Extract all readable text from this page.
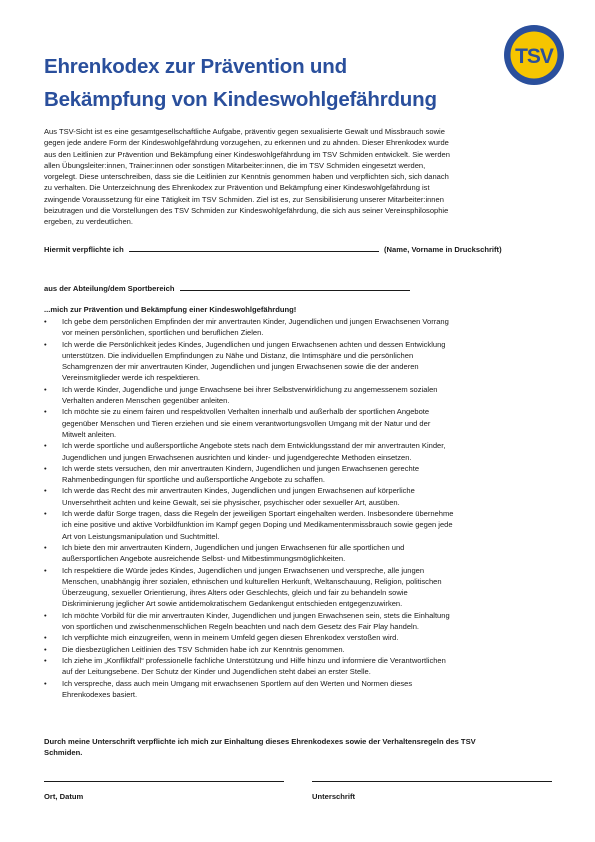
Ehrenkodex zur Prävention und
Bekämpfung von Kindeswohlgefährdung
TSV
Aus TSV-Sicht ist es eine gesamtgesellschaftliche Aufgabe, präventiv gegen sexualisierte Gewalt und Missbrauch sowie
gegen jede andere Form der Kindeswohlgefährdung vorzugehen, zu erkennen und zu ahnden. Dieser Ehrenkodex wurde
aus den Leitlinien zur Prävention und Bekämpfung einer Kindeswohlgefährdung im TSV Schmiden entwickelt. Sie werden
allen Übungsleiter:innen, Trainer:innen oder sonstigen Mitarbeiter:innen, die im TSV Schmiden eingesetzt werden,
vorgelegt. Diese unterschreiben, dass sie die Leitlinien zur Kenntnis genommen haben und verpflichten sich, sich danach
zu verhalten. Die Unterzeichnung des Ehrenkodex zur Prävention und Bekämpfung einer Kindeswohlgefährdung ist
zwingende Voraussetzung für eine Tätigkeit im TSV Schmiden. Ziel ist es, zur Sensibilisierung unserer Mitarbeiter:innen
beizutragen und die Vorstellungen des TSV Schmiden zur Kindeswohlgefährdung, die sich aus seiner Vereinsphilosophie
ergeben, zu verdeutlichen.
Hiermit verpflichte ich	(Name, Vorname in Druckschrift)
aus der Abteilung/dem Sportbereich
...mich zur Prävention und Bekämpfung einer Kindeswohlgefährdung!
• Ich gebe dem persönlichen Empfinden der mir anvertrauten Kinder, Jugendlichen und jungen Erwachsenen Vorrang
vor meinen persönlichen, sportlichen und beruflichen Zielen.
• Ich werde die Persönlichkeit jedes Kindes, Jugendlichen und jungen Erwachsenen achten und dessen Entwicklung
unterstützen. Die individuellen Empfindungen zu Nähe und Distanz, die Intimsphäre und die persönlichen
Schamgrenzen der mir anvertrauten Kinder, Jugendlichen und jungen Erwachsenen sowie die der anderen
Vereinsmitglieder werde ich respektieren.
• Ich werde Kinder, Jugendliche und junge Erwachsene bei ihrer Selbstverwirklichung zu angemessenem sozialen
Verhalten anderen Menschen gegenüber anleiten.
• Ich möchte sie zu einem fairen und respektvollen Verhalten innerhalb und außerhalb der sportlichen Angebote
gegenüber Menschen und Tieren erziehen und sie einem verantwortungsvollen Umgang mit der Natur und der
Mitwelt anleiten.
• Ich werde sportliche und außersportliche Angebote stets nach dem Entwicklungsstand der mir anvertrauten Kinder,
Jugendlichen und jungen Erwachsenen ausrichten und kinder- und jugendgerechte Methoden einsetzen.
• Ich werde stets versuchen, den mir anvertrauten Kindern, Jugendlichen und jungen Erwachsenen gerechte
Rahmenbedingungen für sportliche und außersportliche Angebote zu schaffen.
• Ich werde das Recht des mir anvertrauten Kindes, Jugendlichen und jungen Erwachsenen auf körperliche
Unversehrtheit achten und keine Gewalt, sei sie physischer, psychischer oder sexueller Art, ausüben.
• Ich werde dafür Sorge tragen, dass die Regeln der jeweiligen Sportart eingehalten werden. Insbesondere übernehme
ich eine positive und aktive Vorbildfunktion im Kampf gegen Doping und Medikamentenmissbrauch sowie gegen jede
Art von Leistungsmanipulation und Suchtmittel.
• Ich biete den mir anvertrauten Kindern, Jugendlichen und jungen Erwachsenen für alle sportlichen und
außersportlichen Angebote ausreichende Selbst- und Mitbestimmungsmöglichkeiten.
• Ich respektiere die Würde jedes Kindes, Jugendlichen und jungen Erwachsenen und verspreche, alle jungen
Menschen, unabhängig ihrer sozialen, ethnischen und kulturellen Herkunft, Weltanschauung, Religion, politischen
Überzeugung, sexueller Orientierung, ihres Alters oder Geschlechts, gleich und fair zu behandeln sowie
Diskriminierung jeglicher Art sowie antidemokratischem Gedankengut entschieden entgegenzuwirken.
• Ich möchte Vorbild für die mir anvertrauten Kinder, Jugendlichen und jungen Erwachsenen sein, stets die Einhaltung
von sportlichen und zwischenmenschlichen Regeln beachten und nach dem Gesetz des Fair Play handeln.
• Ich verpflichte mich einzugreifen, wenn in meinem Umfeld gegen diesen Ehrenkodex verstoßen wird.
• Die diesbezüglichen Leitlinien des TSV Schmiden habe ich zur Kenntnis genommen.
• Ich ziehe im „Konfliktfall“ professionelle fachliche Unterstützung und Hilfe hinzu und informiere die Verantwortlichen
auf der Leitungsebene. Der Schutz der Kinder und Jugendlichen steht dabei an erster Stelle.
• Ich verspreche, dass auch mein Umgang mit erwachsenen Sportlern auf den Werten und Normen dieses
Ehrenkodexes basiert.
Durch meine Unterschrift verpflichte ich mich zur Einhaltung dieses Ehrenkodexes sowie der Verhaltensregeln des TSV
Schmiden.
Ort, Datum	Unterschrift
